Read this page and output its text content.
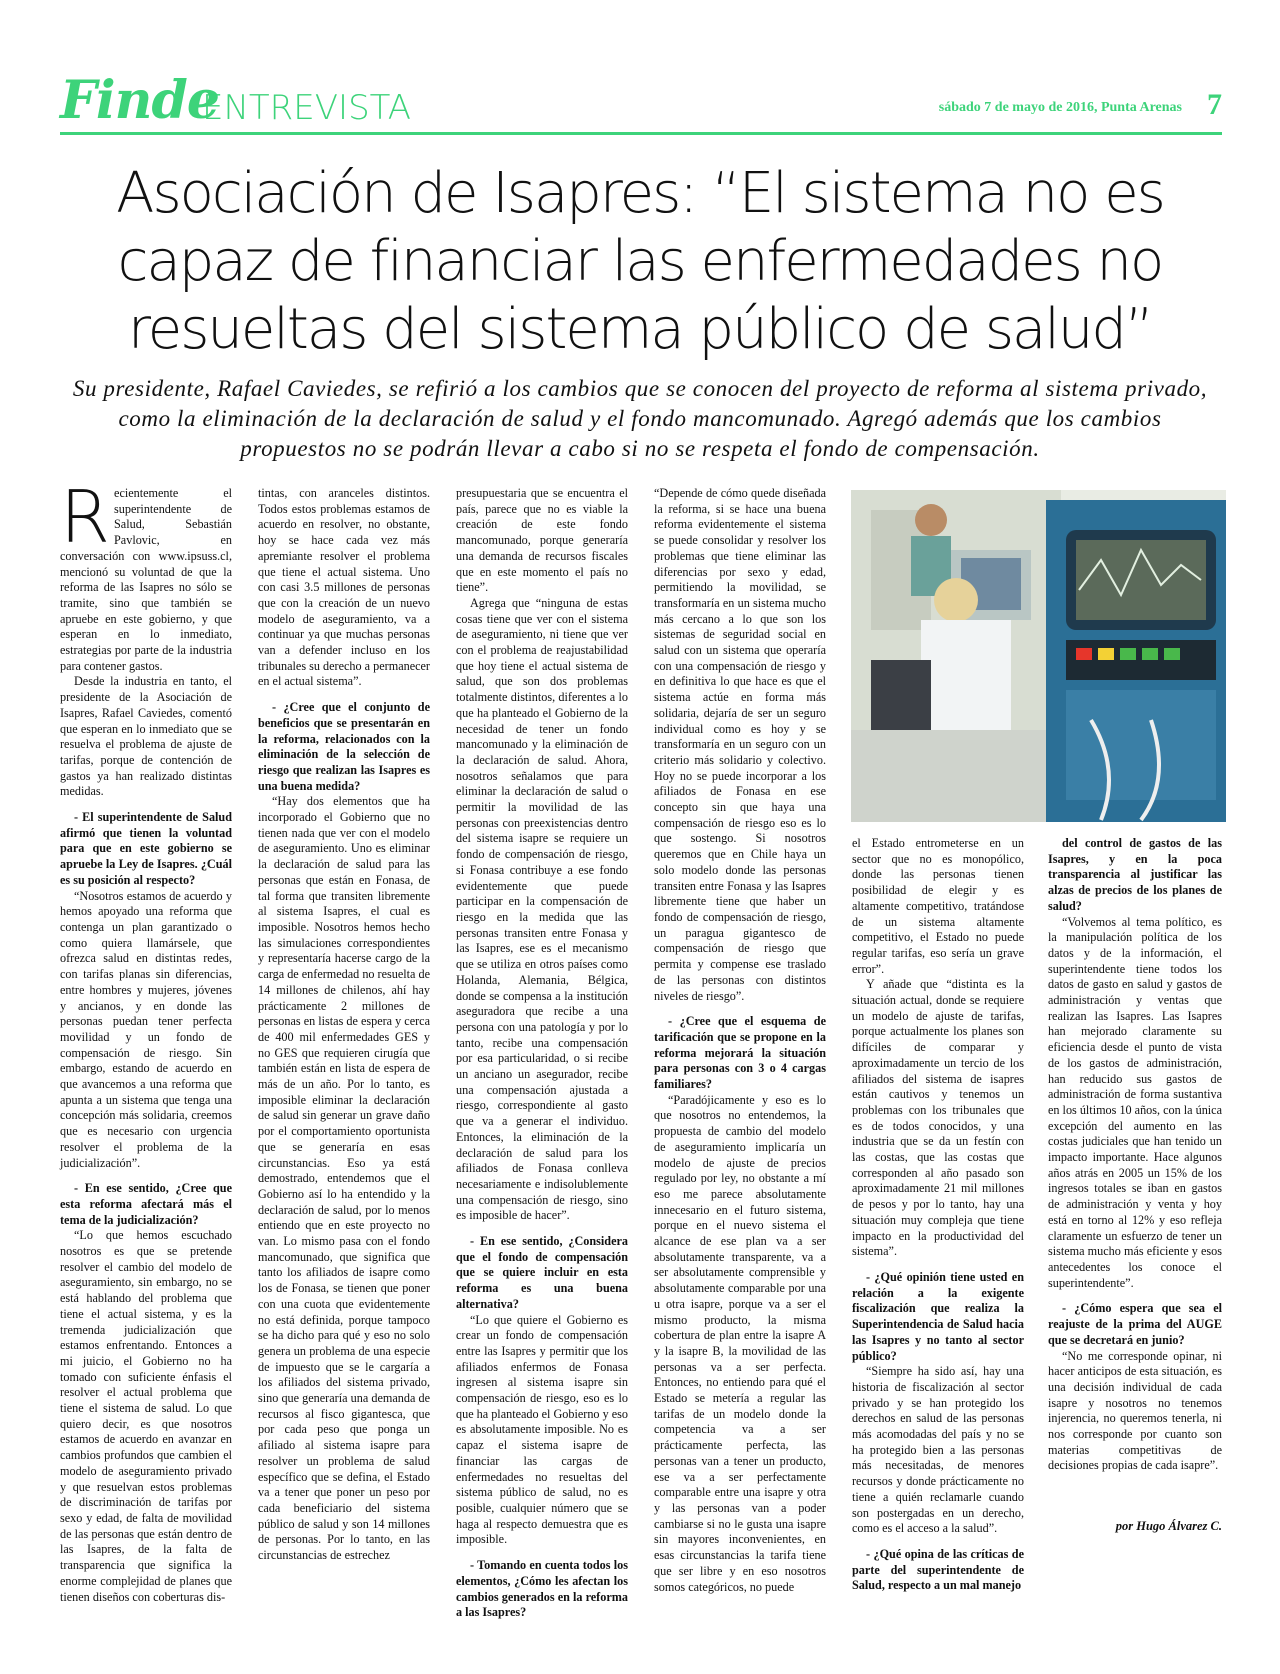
Finde
ENTREVISTA	sábado 7 de mayo de 2016, Punta Arenas 7
Asociación de Isapres: “El sistema no es capaz de financiar las enfermedades no resueltas del sistema público de salud”
Su presidente, Rafael Caviedes, se refirió a los cambios que se conocen del proyecto de reforma al sistema privado, como la eliminación de la declaración de salud y el fondo mancomunado. Agregó además que los cambios propuestos no se podrán llevar a cabo si no se respeta el fondo de compensación.

Recientemente el superintendente de Salud, Sebastián Pavlovic, en conversación con www.ipsuss.cl, mencionó su voluntad de que la reforma de las Isapres no sólo se tramite, sino que también se apruebe en este gobierno, y que esperan en lo inmediato, estrategias por parte de la industria para contener gastos.

Desde la industria en tanto, el presidente de la Asociación de Isapres, Rafael Caviedes, comentó que esperan en lo inmediato que se resuelva el problema de ajuste de tarifas, porque de contención de gastos ya han realizado distintas medidas.

- El superintendente de Salud afirmó que tienen la voluntad para que en este gobierno se apruebe la Ley de Isapres. ¿Cuál es su posición al respecto?

“Nosotros estamos de acuerdo y hemos apoyado una reforma que contenga un plan garantizado o como quiera llamársele, que ofrezca salud en distintas redes, con tarifas planas sin diferencias, entre hombres y mujeres, jóvenes y ancianos, y en donde las personas puedan tener perfecta movilidad y un fondo de compensación de riesgo. Sin embargo, estando de acuerdo en que avancemos a una reforma que apunta a un sistema que tenga una concepción más solidaria, creemos que es necesario con urgencia resolver el problema de la judicialización”.

- En ese sentido, ¿Cree que esta reforma afectará más el tema de la judicialización?

“Lo que hemos escuchado nosotros es que se pretende resolver el cambio del modelo de aseguramiento, sin embargo, no se está hablando del problema que tiene el actual sistema, y es la tremenda judicialización que estamos enfrentando. Entonces a mi juicio, el Gobierno no ha tomado con suficiente énfasis el resolver el actual problema que tiene el sistema de salud. Lo que quiero decir, es que nosotros estamos de acuerdo en avanzar en cambios profundos que cambien el modelo de aseguramiento privado y que resuelvan estos problemas de discriminación de tarifas por sexo y edad, de falta de movilidad de las personas que están dentro de las Isapres, de la falta de transparencia que significa la enorme complejidad de planes que tienen diseños con coberturas dis-

tintas, con aranceles distintos. Todos estos problemas estamos de acuerdo en resolver, no obstante, hoy se hace cada vez más apremiante resolver el problema que tiene el actual sistema. Uno con casi 3.5 millones de personas que con la creación de un nuevo modelo de aseguramiento, va a continuar ya que muchas personas van a defender incluso en los tribunales su derecho a permanecer en el actual sistema”.

- ¿Cree que el conjunto de beneficios que se presentarán en la reforma, relacionados con la eliminación de la selección de riesgo que realizan las Isapres es una buena medida?

“Hay dos elementos que ha incorporado el Gobierno que no tienen nada que ver con el modelo de aseguramiento. Uno es eliminar la declaración de salud para las personas que están en Fonasa, de tal forma que transiten libremente al sistema Isapres, el cual es imposible. Nosotros hemos hecho las simulaciones correspondientes y representaría hacerse cargo de la carga de enfermedad no resuelta de 14 millones de chilenos, ahí hay prácticamente 2 millones de personas en listas de espera y cerca de 400 mil enfermedades GES y no GES que requieren cirugía que también están en lista de espera de más de un año. Por lo tanto, es imposible eliminar la declaración de salud sin generar un grave daño por el comportamiento oportunista que se generaría en esas circunstancias. Eso ya está demostrado, entendemos que el Gobierno así lo ha entendido y la declaración de salud, por lo menos entiendo que en este proyecto no van. Lo mismo pasa con el fondo mancomunado, que significa que tanto los afiliados de isapre como los de Fonasa, se tienen que poner con una cuota que evidentemente no está definida, porque tampoco se ha dicho para qué y eso no solo genera un problema de una especie de impuesto que se le cargaría a los afiliados del sistema privado, sino que generaría una demanda de recursos al fisco gigantesca, que por cada peso que ponga un afiliado al sistema isapre para resolver un problema de salud específico que se defina, el Estado va a tener que poner un peso por cada beneficiario del sistema público de salud y son 14 millones de personas. Por lo tanto, en las circunstancias de estrechez

presupuestaria que se encuentra el país, parece que no es viable la creación de este fondo mancomunado, porque generaría una demanda de recursos fiscales que en este momento el país no tiene”.

Agrega que “ninguna de estas cosas tiene que ver con el sistema de aseguramiento, ni tiene que ver con el problema de reajustabilidad que hoy tiene el actual sistema de salud, que son dos problemas totalmente distintos, diferentes a lo que ha planteado el Gobierno de la necesidad de tener un fondo mancomunado y la eliminación de la declaración de salud. Ahora, nosotros señalamos que para eliminar la declaración de salud o permitir la movilidad de las personas con preexistencias dentro del sistema isapre se requiere un fondo de compensación de riesgo, si Fonasa contribuye a ese fondo evidentemente que puede participar en la compensación de riesgo en la medida que las personas transiten entre Fonasa y las Isapres, ese es el mecanismo que se utiliza en otros países como Holanda, Alemania, Bélgica, donde se compensa a la institución aseguradora que recibe a una persona con una patología y por lo tanto, recibe una compensación por esa particularidad, o si recibe un anciano un asegurador, recibe una compensación ajustada a riesgo, correspondiente al gasto que va a generar el individuo. Entonces, la eliminación de la declaración de salud para los afiliados de Fonasa conlleva necesariamente e indisolublemente una compensación de riesgo, sino es imposible de hacer”.

- En ese sentido, ¿Considera que el fondo de compensación que se quiere incluir en esta reforma es una buena alternativa?

“Lo que quiere el Gobierno es crear un fondo de compensación entre las Isapres y permitir que los afiliados enfermos de Fonasa ingresen al sistema isapre sin compensación de riesgo, eso es lo que ha planteado el Gobierno y eso es absolutamente imposible. No es capaz el sistema isapre de financiar las cargas de enfermedades no resueltas del sistema público de salud, no es posible, cualquier número que se haga al respecto demuestra que es imposible.

- Tomando en cuenta todos los elementos, ¿Cómo les afectan los cambios generados en la reforma a las Isapres?

“Depende de cómo quede diseñada la reforma, si se hace una buena reforma evidentemente el sistema se puede consolidar y resolver los problemas que tiene eliminar las diferencias por sexo y edad, permitiendo la movilidad, se transformaría en un sistema mucho más cercano a lo que son los sistemas de seguridad social en salud con un sistema que operaría con una compensación de riesgo y en definitiva lo que hace es que el sistema actúe en forma más solidaria, dejaría de ser un seguro individual como es hoy y se transformaría en un seguro con un criterio más solidario y colectivo. Hoy no se puede incorporar a los afiliados de Fonasa en ese concepto sin que haya una compensación de riesgo eso es lo que sostengo. Si nosotros queremos que en Chile haya un solo modelo donde las personas transiten entre Fonasa y las Isapres libremente tiene que haber un fondo de compensación de riesgo, un paragua gigantesco de compensación de riesgo que permita y compense ese traslado de las personas con distintos niveles de riesgo”.

- ¿Cree que el esquema de tarificación que se propone en la reforma mejorará la situación para personas con 3 o 4 cargas familiares?

“Paradójicamente y eso es lo que nosotros no entendemos, la propuesta de cambio del modelo de aseguramiento implicaría un modelo de ajuste de precios regulado por ley, no obstante a mí eso me parece absolutamente innecesario en el futuro sistema, porque en el nuevo sistema el alcance de ese plan va a ser absolutamente transparente, va a ser absolutamente comprensible y absolutamente comparable por una u otra isapre, porque va a ser el mismo producto, la misma cobertura de plan entre la isapre A y la isapre B, la movilidad de las personas va a ser perfecta. Entonces, no entiendo para qué el Estado se metería a regular las tarifas de un modelo donde la competencia va a ser prácticamente perfecta, las personas van a tener un producto, ese va a ser perfectamente comparable entre una isapre y otra y las personas van a poder cambiarse si no le gusta una isapre sin mayores inconvenientes, en esas circunstancias la tarifa tiene que ser libre y en eso nosotros somos categóricos, no puede

el Estado entrometerse en un sector que no es monopólico, donde las personas tienen posibilidad de elegir y es altamente competitivo, tratándose de un sistema altamente competitivo, el Estado no puede regular tarifas, eso sería un grave error”.

Y añade que “distinta es la situación actual, donde se requiere un modelo de ajuste de tarifas, porque actualmente los planes son difíciles de comparar y aproximadamente un tercio de los afiliados del sistema de isapres están cautivos y tenemos un problemas con los tribunales que es de todos conocidos, y una industria que se da un festín con las costas, que las costas que corresponden al año pasado son aproximadamente 21 mil millones de pesos y por lo tanto, hay una situación muy compleja que tiene impacto en la productividad del sistema”.

- ¿Qué opinión tiene usted en relación a la exigente fiscalización que realiza la Superintendencia de Salud hacia las Isapres y no tanto al sector público?

“Siempre ha sido así, hay una historia de fiscalización al sector privado y se han protegido los derechos en salud de las personas más acomodadas del país y no se ha protegido bien a las personas más necesitadas, de menores recursos y donde prácticamente no tiene a quién reclamarle cuando son postergadas en un derecho, como es el acceso a la salud”.

- ¿Qué opina de las críticas de parte del superintendente de Salud, respecto a un mal manejo

del control de gastos de las Isapres, y en la poca transparencia al justificar las alzas de precios de los planes de salud?

“Volvemos al tema político, es la manipulación política de los datos y de la información, el superintendente tiene todos los datos de gasto en salud y gastos de administración y ventas que realizan las Isapres. Las Isapres han mejorado claramente su eficiencia desde el punto de vista de los gastos de administración, han reducido sus gastos de administración de forma sustantiva en los últimos 10 años, con la única excepción del aumento en las costas judiciales que han tenido un impacto importante. Hace algunos años atrás en 2005 un 15% de los ingresos totales se iban en gastos de administración y venta y hoy está en torno al 12% y eso refleja claramente un esfuerzo de tener un sistema mucho más eficiente y esos antecedentes los conoce el superintendente”.

- ¿Cómo espera que sea el reajuste de la prima del AUGE que se decretará en junio?

“No me corresponde opinar, ni hacer anticipos de esta situación, es una decisión individual de cada isapre y nosotros no tenemos injerencia, no queremos tenerla, ni nos corresponde por cuanto son materias competitivas de decisiones propias de cada isapre”.

por Hugo Álvarez C.
